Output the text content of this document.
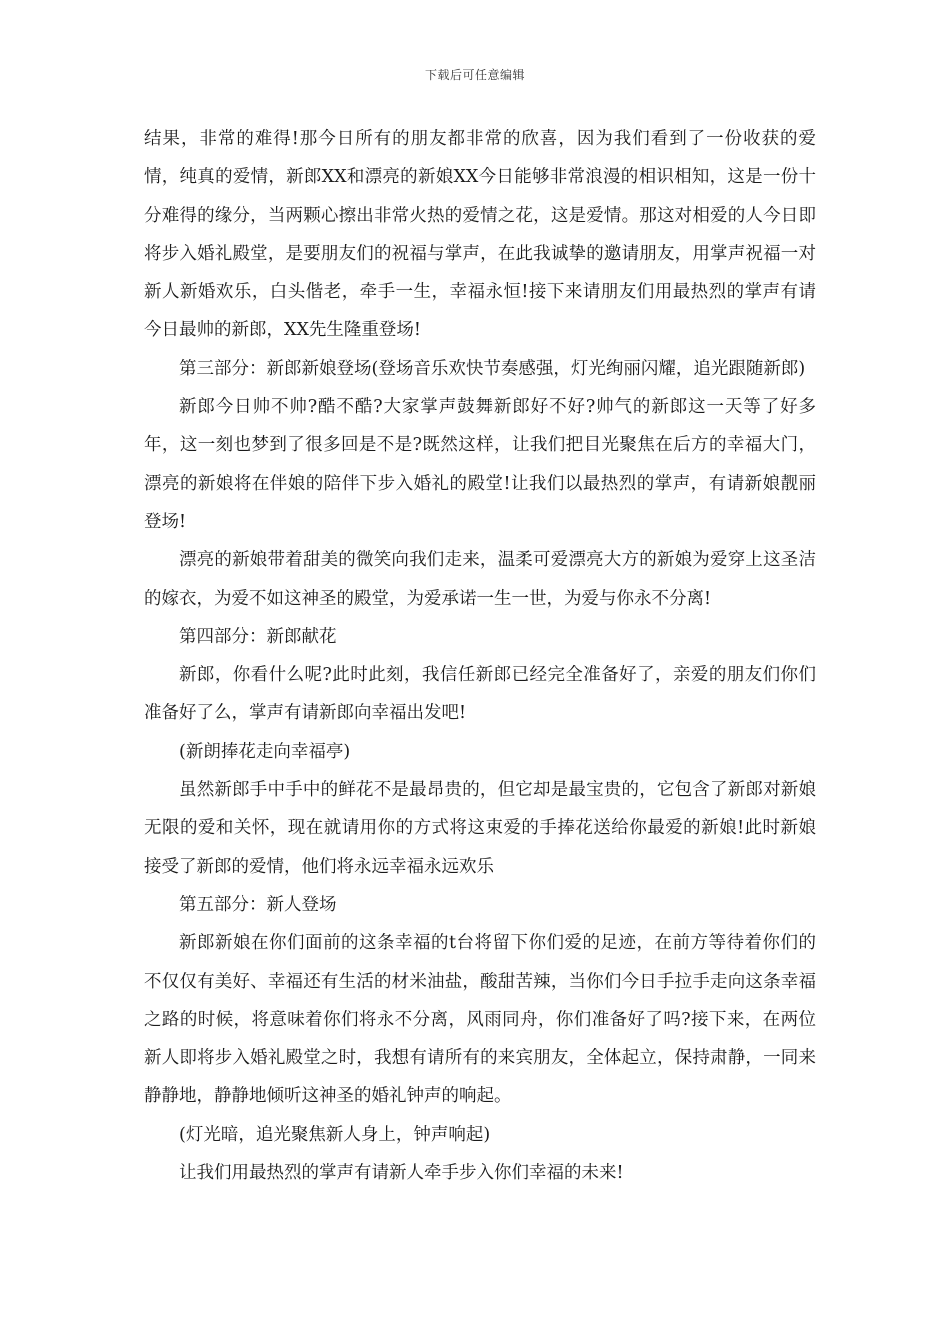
下载后可任意编辑

结果，非常的难得!那今日所有的朋友都非常的欣喜，因为我们看到了一份收获的爱情，纯真的爱情，新郎XX和漂亮的新娘XX今日能够非常浪漫的相识相知，这是一份十分难得的缘分，当两颗心擦出非常火热的爱情之花，这是爱情。那这对相爱的人今日即将步入婚礼殿堂，是要朋友们的祝福与掌声，在此我诚挚的邀请朋友，用掌声祝福一对新人新婚欢乐，白头偕老，牵手一生，幸福永恒!接下来请朋友们用最热烈的掌声有请今日最帅的新郎，XX先生隆重登场!

第三部分：新郎新娘登场(登场音乐欢快节奏感强，灯光绚丽闪耀，追光跟随新郎)

新郎今日帅不帅?酷不酷?大家掌声鼓舞新郎好不好?帅气的新郎这一天等了好多年，这一刻也梦到了很多回是不是?既然这样，让我们把目光聚焦在后方的幸福大门，漂亮的新娘将在伴娘的陪伴下步入婚礼的殿堂!让我们以最热烈的掌声，有请新娘靓丽登场!

漂亮的新娘带着甜美的微笑向我们走来，温柔可爱漂亮大方的新娘为爱穿上这圣洁的嫁衣，为爱不如这神圣的殿堂，为爱承诺一生一世，为爱与你永不分离!

第四部分：新郎献花

新郎，你看什么呢?此时此刻，我信任新郎已经完全准备好了，亲爱的朋友们你们准备好了么，掌声有请新郎向幸福出发吧!

(新朗捧花走向幸福亭)

虽然新郎手中手中的鲜花不是最昂贵的，但它却是最宝贵的，它包含了新郎对新娘无限的爱和关怀，现在就请用你的方式将这束爱的手捧花送给你最爱的新娘!此时新娘接受了新郎的爱情，他们将永远幸福永远欢乐

第五部分：新人登场

新郎新娘在你们面前的这条幸福的t台将留下你们爱的足迹，在前方等待着你们的不仅仅有美好、幸福还有生活的材米油盐，酸甜苦辣，当你们今日手拉手走向这条幸福之路的时候，将意味着你们将永不分离，风雨同舟，你们准备好了吗?接下来，在两位新人即将步入婚礼殿堂之时，我想有请所有的来宾朋友，全体起立，保持肃静，一同来静静地，静静地倾听这神圣的婚礼钟声的响起。

(灯光暗，追光聚焦新人身上，钟声响起)

让我们用最热烈的掌声有请新人牵手步入你们幸福的未来!
